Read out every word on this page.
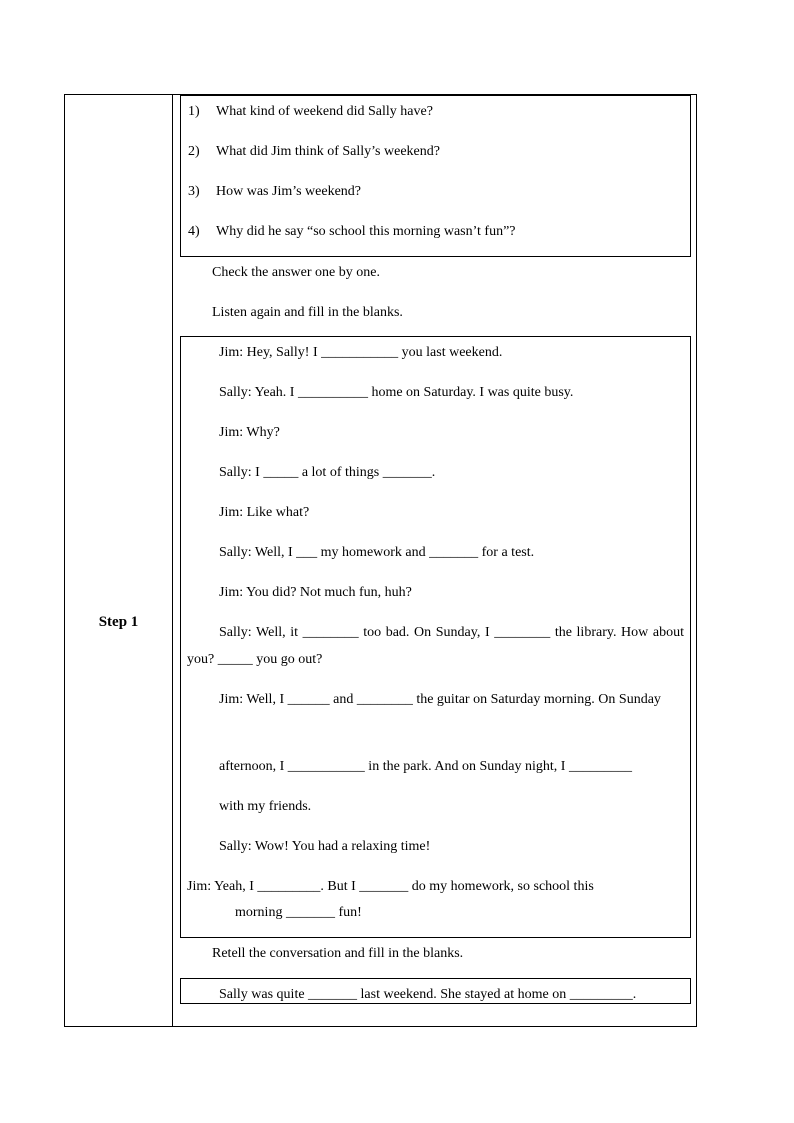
Step 1
1) What kind of weekend did Sally have?
2) What did Jim think of Sally’s weekend?
3) How was Jim’s weekend?
4) Why did he say “so school this morning wasn’t fun”?
Check the answer one by one.
Listen again and fill in the blanks.
Jim: Hey, Sally! I ___________ you last weekend.
Sally: Yeah. I __________ home on Saturday. I was quite busy.
Jim: Why?
Sally: I _____ a lot of things _______.
Jim: Like what?
Sally: Well, I ___ my homework and _______ for a test.
Jim: You did? Not much fun, huh?
Sally: Well, it ________ too bad. On Sunday, I ________ the library. How about you? _____ you go out?
Jim: Well, I ______ and ________ the guitar on Saturday morning. On Sunday
afternoon, I ___________ in the park. And on Sunday night, I _________
with my friends.
Sally: Wow! You had a relaxing time!
Jim: Yeah, I _________. But I _______ do my homework, so school this
morning _______ fun!
Retell the conversation and fill in the blanks.
Sally was quite _______ last weekend. She stayed at home on _________.
